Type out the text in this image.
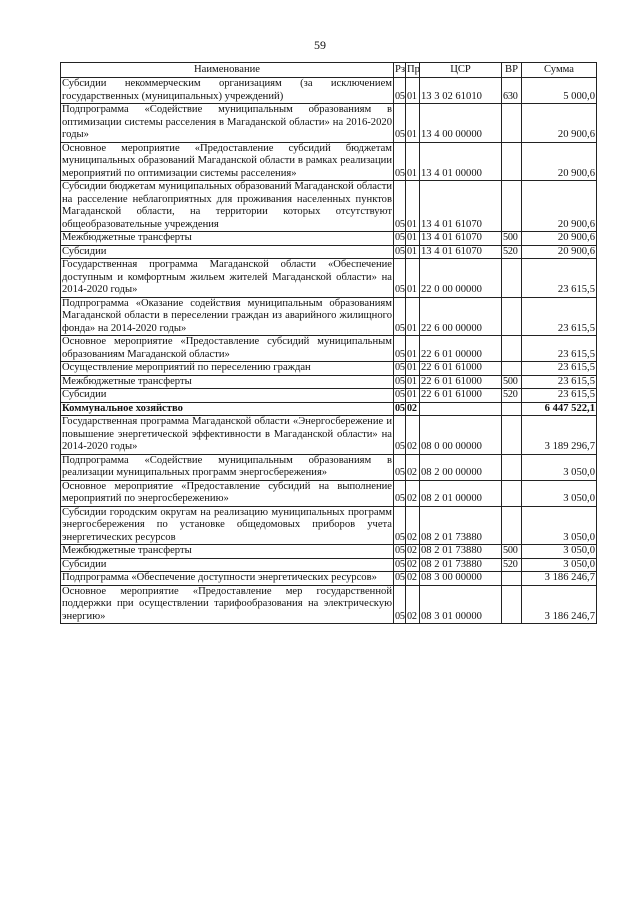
59
Наименование	Рз	Пр	ЦСР	ВР	Сумма
Субсидии некоммерческим организациям (за исключением государственных (муниципальных) учреждений)	05	01	13 3 02 61010	630	5 000,0
Подпрограмма «Содействие муниципальным образованиям в оптимизации системы расселения в Магаданской области» на 2016-2020 годы»	05	01	13 4 00 00000		20 900,6
Основное мероприятие «Предоставление субсидий бюджетам муниципальных образований Магаданской области в рамках реализации мероприятий по оптимизации системы расселения»	05	01	13 4 01 00000		20 900,6
Субсидии бюджетам муниципальных образований Магаданской области на расселение неблагоприятных для проживания населенных пунктов Магаданской области, на территории которых отсутствуют общеобразовательные учреждения	05	01	13 4 01 61070		20 900,6
Межбюджетные трансферты	05	01	13 4 01 61070	500	20 900,6
Субсидии	05	01	13 4 01 61070	520	20 900,6
Государственная программа Магаданской области «Обеспечение доступным и комфортным жильем жителей Магаданской области» на 2014-2020 годы»	05	01	22 0 00 00000		23 615,5
Подпрограмма «Оказание содействия муниципальным образованиям Магаданской области в переселении граждан из аварийного жилищного фонда» на 2014-2020 годы»	05	01	22 6 00 00000		23 615,5
Основное мероприятие «Предоставление субсидий муниципальным образованиям Магаданской области»	05	01	22 6 01 00000		23 615,5
Осуществление мероприятий по переселению граждан	05	01	22 6 01 61000		23 615,5
Межбюджетные трансферты	05	01	22 6 01 61000	500	23 615,5
Субсидии	05	01	22 6 01 61000	520	23 615,5
Коммунальное хозяйство	05	02			6 447 522,1
Государственная программа Магаданской области «Энергосбережение и повышение энергетической эффективности в Магаданской области» на 2014-2020 годы»	05	02	08 0 00 00000		3 189 296,7
Подпрограмма «Содействие муниципальным образованиям в реализации муниципальных программ энергосбережения»	05	02	08 2 00 00000		3 050,0
Основное мероприятие «Предоставление субсидий на выполнение мероприятий по энергосбережению»	05	02	08 2 01 00000		3 050,0
Субсидии городским округам на реализацию муниципальных программ энергосбережения по установке общедомовых приборов учета энергетических ресурсов	05	02	08 2 01 73880		3 050,0
Межбюджетные трансферты	05	02	08 2 01 73880	500	3 050,0
Субсидии	05	02	08 2 01 73880	520	3 050,0
Подпрограмма «Обеспечение доступности энергетических ресурсов»	05	02	08 3 00 00000		3 186 246,7
Основное мероприятие «Предоставление мер государственной поддержки при осуществлении тарифообразования на электрическую энергию»	05	02	08 3 01 00000		3 186 246,7
